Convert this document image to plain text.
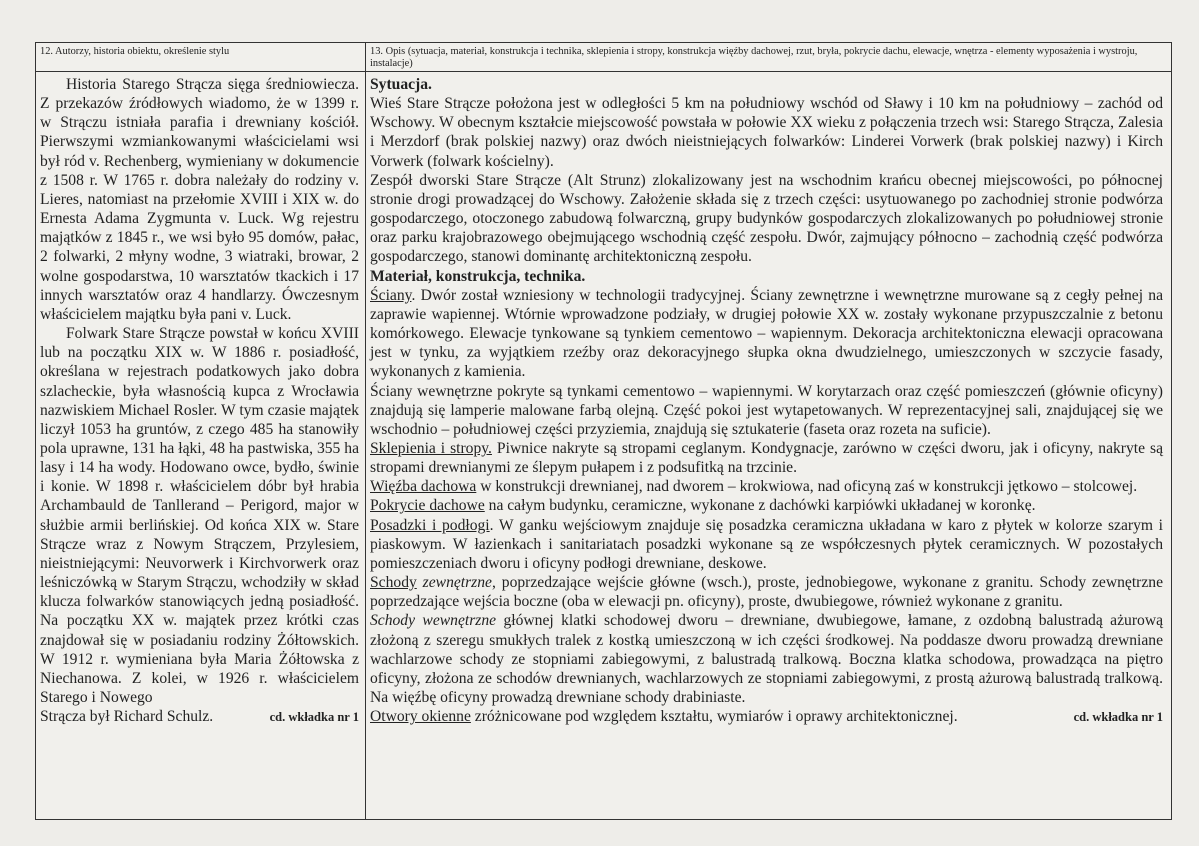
12. Autorzy, historia obiektu, określenie stylu

Historia Starego Strącza sięga średniowiecza. Z przekazów źródłowych wiadomo, że w 1399 r. w Strączu istniała parafia i drewniany kościół. Pierwszymi wzmiankowanymi właścicielami wsi był ród v. Rechenberg, wymieniany w dokumencie z 1508 r. W 1765 r. dobra należały do rodziny v. Lieres, natomiast na przełomie XVIII i XIX w. do Ernesta Adama Zygmunta v. Luck. Wg rejestru majątków z 1845 r., we wsi było 95 domów, pałac, 2 folwarki, 2 młyny wodne, 3 wiatraki, browar, 2 wolne gospodarstwa, 10 warsztatów tkackich i 17 innych warsztatów oraz 4 handlarzy. Ówczesnym właścicielem majątku była pani v. Luck.

Folwark Stare Strącze powstał w końcu XVIII lub na początku XIX w. W 1886 r. posiadłość, określana w rejestrach podatkowych jako dobra szlacheckie, była własnością kupca z Wrocławia nazwiskiem Michael Rosler. W tym czasie majątek liczył 1053 ha gruntów, z czego 485 ha stanowiły pola uprawne, 131 ha łąki, 48 ha pastwiska, 355 ha lasy i 14 ha wody. Hodowano owce, bydło, świnie i konie. W 1898 r. właścicielem dóbr był hrabia Archambauld de Tanllerand – Perigord, major w służbie armii berlińskiej. Od końca XIX w. Stare Strącze wraz z Nowym Strączem, Przylesiem, nieistniejącymi: Neuvorwerk i Kirchvorwerk oraz leśniczówką w Starym Strączu, wchodziły w skład klucza folwarków stanowiących jedną posiadłość. Na początku XX w. majątek przez krótki czas znajdował się w posiadaniu rodziny Żółtowskich. W 1912 r. wymieniana była Maria Żółtowska z Niechanowa. Z kolei, w 1926 r. właścicielem Starego i Nowego

Strącza był Richard Schulz.	cd. wkładka nr 1

13. Opis (sytuacja, materiał, konstrukcja i technika, sklepienia i stropy, konstrukcja więźby dachowej, rzut, bryła, pokrycie dachu, elewacje, wnętrza - elementy wyposażenia i wystroju, instalacje)

Sytuacja.

Wieś Stare Strącze położona jest w odległości 5 km na południowy wschód od Sławy i 10 km na południowy – zachód od Wschowy. W obecnym kształcie miejscowość powstała w połowie XX wieku z połączenia trzech wsi: Starego Strącza, Zalesia i Merzdorf (brak polskiej nazwy) oraz dwóch nieistniejących folwarków: Linderei Vorwerk (brak polskiej nazwy) i Kirch Vorwerk (folwark kościelny).

Zespół dworski Stare Strącze (Alt Strunz) zlokalizowany jest na wschodnim krańcu obecnej miejscowości, po północnej stronie drogi prowadzącej do Wschowy. Założenie składa się z trzech części: usytuowanego po zachodniej stronie podwórza gospodarczego, otoczonego zabudową folwarczną, grupy budynków gospodarczych zlokalizowanych po południowej stronie oraz parku krajobrazowego obejmującego wschodnią część zespołu. Dwór, zajmujący północno – zachodnią część podwórza gospodarczego, stanowi dominantę architektoniczną zespołu.

Materiał, konstrukcja, technika.

Ściany. Dwór został wzniesiony w technologii tradycyjnej. Ściany zewnętrzne i wewnętrzne murowane są z cegły pełnej na zaprawie wapiennej. Wtórnie wprowadzone podziały, w drugiej połowie XX w. zostały wykonane przypuszczalnie z betonu komórkowego. Elewacje tynkowane są tynkiem cementowo – wapiennym. Dekoracja architektoniczna elewacji opracowana jest w tynku, za wyjątkiem rzeźby oraz dekoracyjnego słupka okna dwudzielnego, umieszczonych w szczycie fasady, wykonanych z kamienia.

Ściany wewnętrzne pokryte są tynkami cementowo – wapiennymi. W korytarzach oraz część pomieszczeń (głównie oficyny) znajdują się lamperie malowane farbą olejną. Część pokoi jest wytapetowanych. W reprezentacyjnej sali, znajdującej się we wschodnio – południowej części przyziemia, znajdują się sztukaterie (faseta oraz rozeta na suficie).

Sklepienia i stropy. Piwnice nakryte są stropami ceglanym. Kondygnacje, zarówno w części dworu, jak i oficyny, nakryte są stropami drewnianymi ze ślepym pułapem i z podsufitką na trzcinie.

Więźba dachowa w konstrukcji drewnianej, nad dworem – krokwiowa, nad oficyną zaś w konstrukcji jętkowo – stolcowej.

Pokrycie dachowe na całym budynku, ceramiczne, wykonane z dachówki karpiówki układanej w koronkę.

Posadzki i podłogi. W ganku wejściowym znajduje się posadzka ceramiczna układana w karo z płytek w kolorze szarym i piaskowym. W łazienkach i sanitariatach posadzki wykonane są ze współczesnych płytek ceramicznych. W pozostałych pomieszczeniach dworu i oficyny podłogi drewniane, deskowe.

Schody zewnętrzne, poprzedzające wejście główne (wsch.), proste, jednobiegowe, wykonane z granitu. Schody zewnętrzne poprzedzające wejścia boczne (oba w elewacji pn. oficyny), proste, dwubiegowe, również wykonane z granitu.

Schody wewnętrzne głównej klatki schodowej dworu – drewniane, dwubiegowe, łamane, z ozdobną balustradą ażurową złożoną z szeregu smukłych tralek z kostką umieszczoną w ich części środkowej. Na poddasze dworu prowadzą drewniane wachlarzowe schody ze stopniami zabiegowymi, z balustradą tralkową. Boczna klatka schodowa, prowadząca na piętro oficyny, złożona ze schodów drewnianych, wachlarzowych ze stopniami zabiegowymi, z prostą ażurową balustradą tralkową. Na więźbę oficyny prowadzą drewniane schody drabiniaste.

Otwory okienne zróżnicowane pod względem kształtu, wymiarów i oprawy architektonicznej.	cd. wkładka nr 1
